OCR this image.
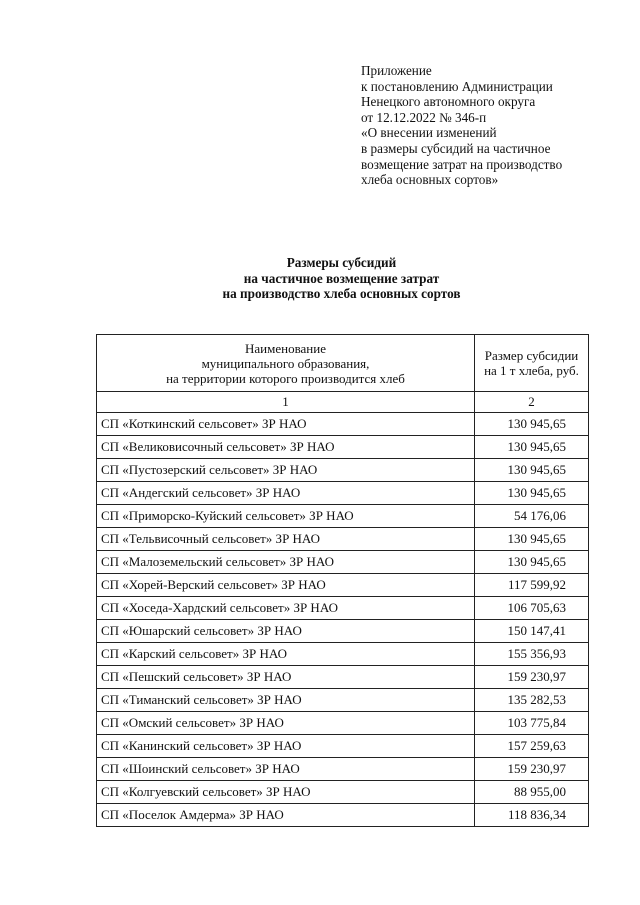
Приложение
к постановлению Администрации
Ненецкого автономного округа
от 12.12.2022 № 346-п
«О внесении изменений
в размеры субсидий на частичное
возмещение затрат на производство
хлеба основных сортов»
Размеры субсидий
на частичное возмещение затрат
на производство хлеба основных сортов
Наименование
муниципального образования,
на территории которого производится хлеб	Размер субсидии
на 1 т хлеба, руб.

1	2
СП «Коткинский сельсовет» ЗР НАО	130 945,65
СП «Великовисочный сельсовет» ЗР НАО	130 945,65
СП «Пустозерский сельсовет» ЗР НАО	130 945,65
СП «Андегский сельсовет» ЗР НАО	130 945,65
СП «Приморско-Куйский сельсовет» ЗР НАО	54 176,06
СП «Тельвисочный сельсовет» ЗР НАО	130 945,65
СП «Малоземельский сельсовет» ЗР НАО	130 945,65
СП «Хорей-Верский сельсовет» ЗР НАО	117 599,92
СП «Хоседа-Хардский сельсовет» ЗР НАО	106 705,63
СП «Юшарский сельсовет» ЗР НАО	150 147,41
СП «Карский сельсовет» ЗР НАО	155 356,93
СП «Пешский сельсовет» ЗР НАО	159 230,97
СП «Тиманский сельсовет» ЗР НАО	135 282,53
СП «Омский сельсовет» ЗР НАО	103 775,84
СП «Канинский сельсовет» ЗР НАО	157 259,63
СП «Шоинский сельсовет» ЗР НАО	159 230,97
СП «Колгуевский сельсовет» ЗР НАО	88 955,00
СП «Поселок Амдерма» ЗР НАО	118 836,34
